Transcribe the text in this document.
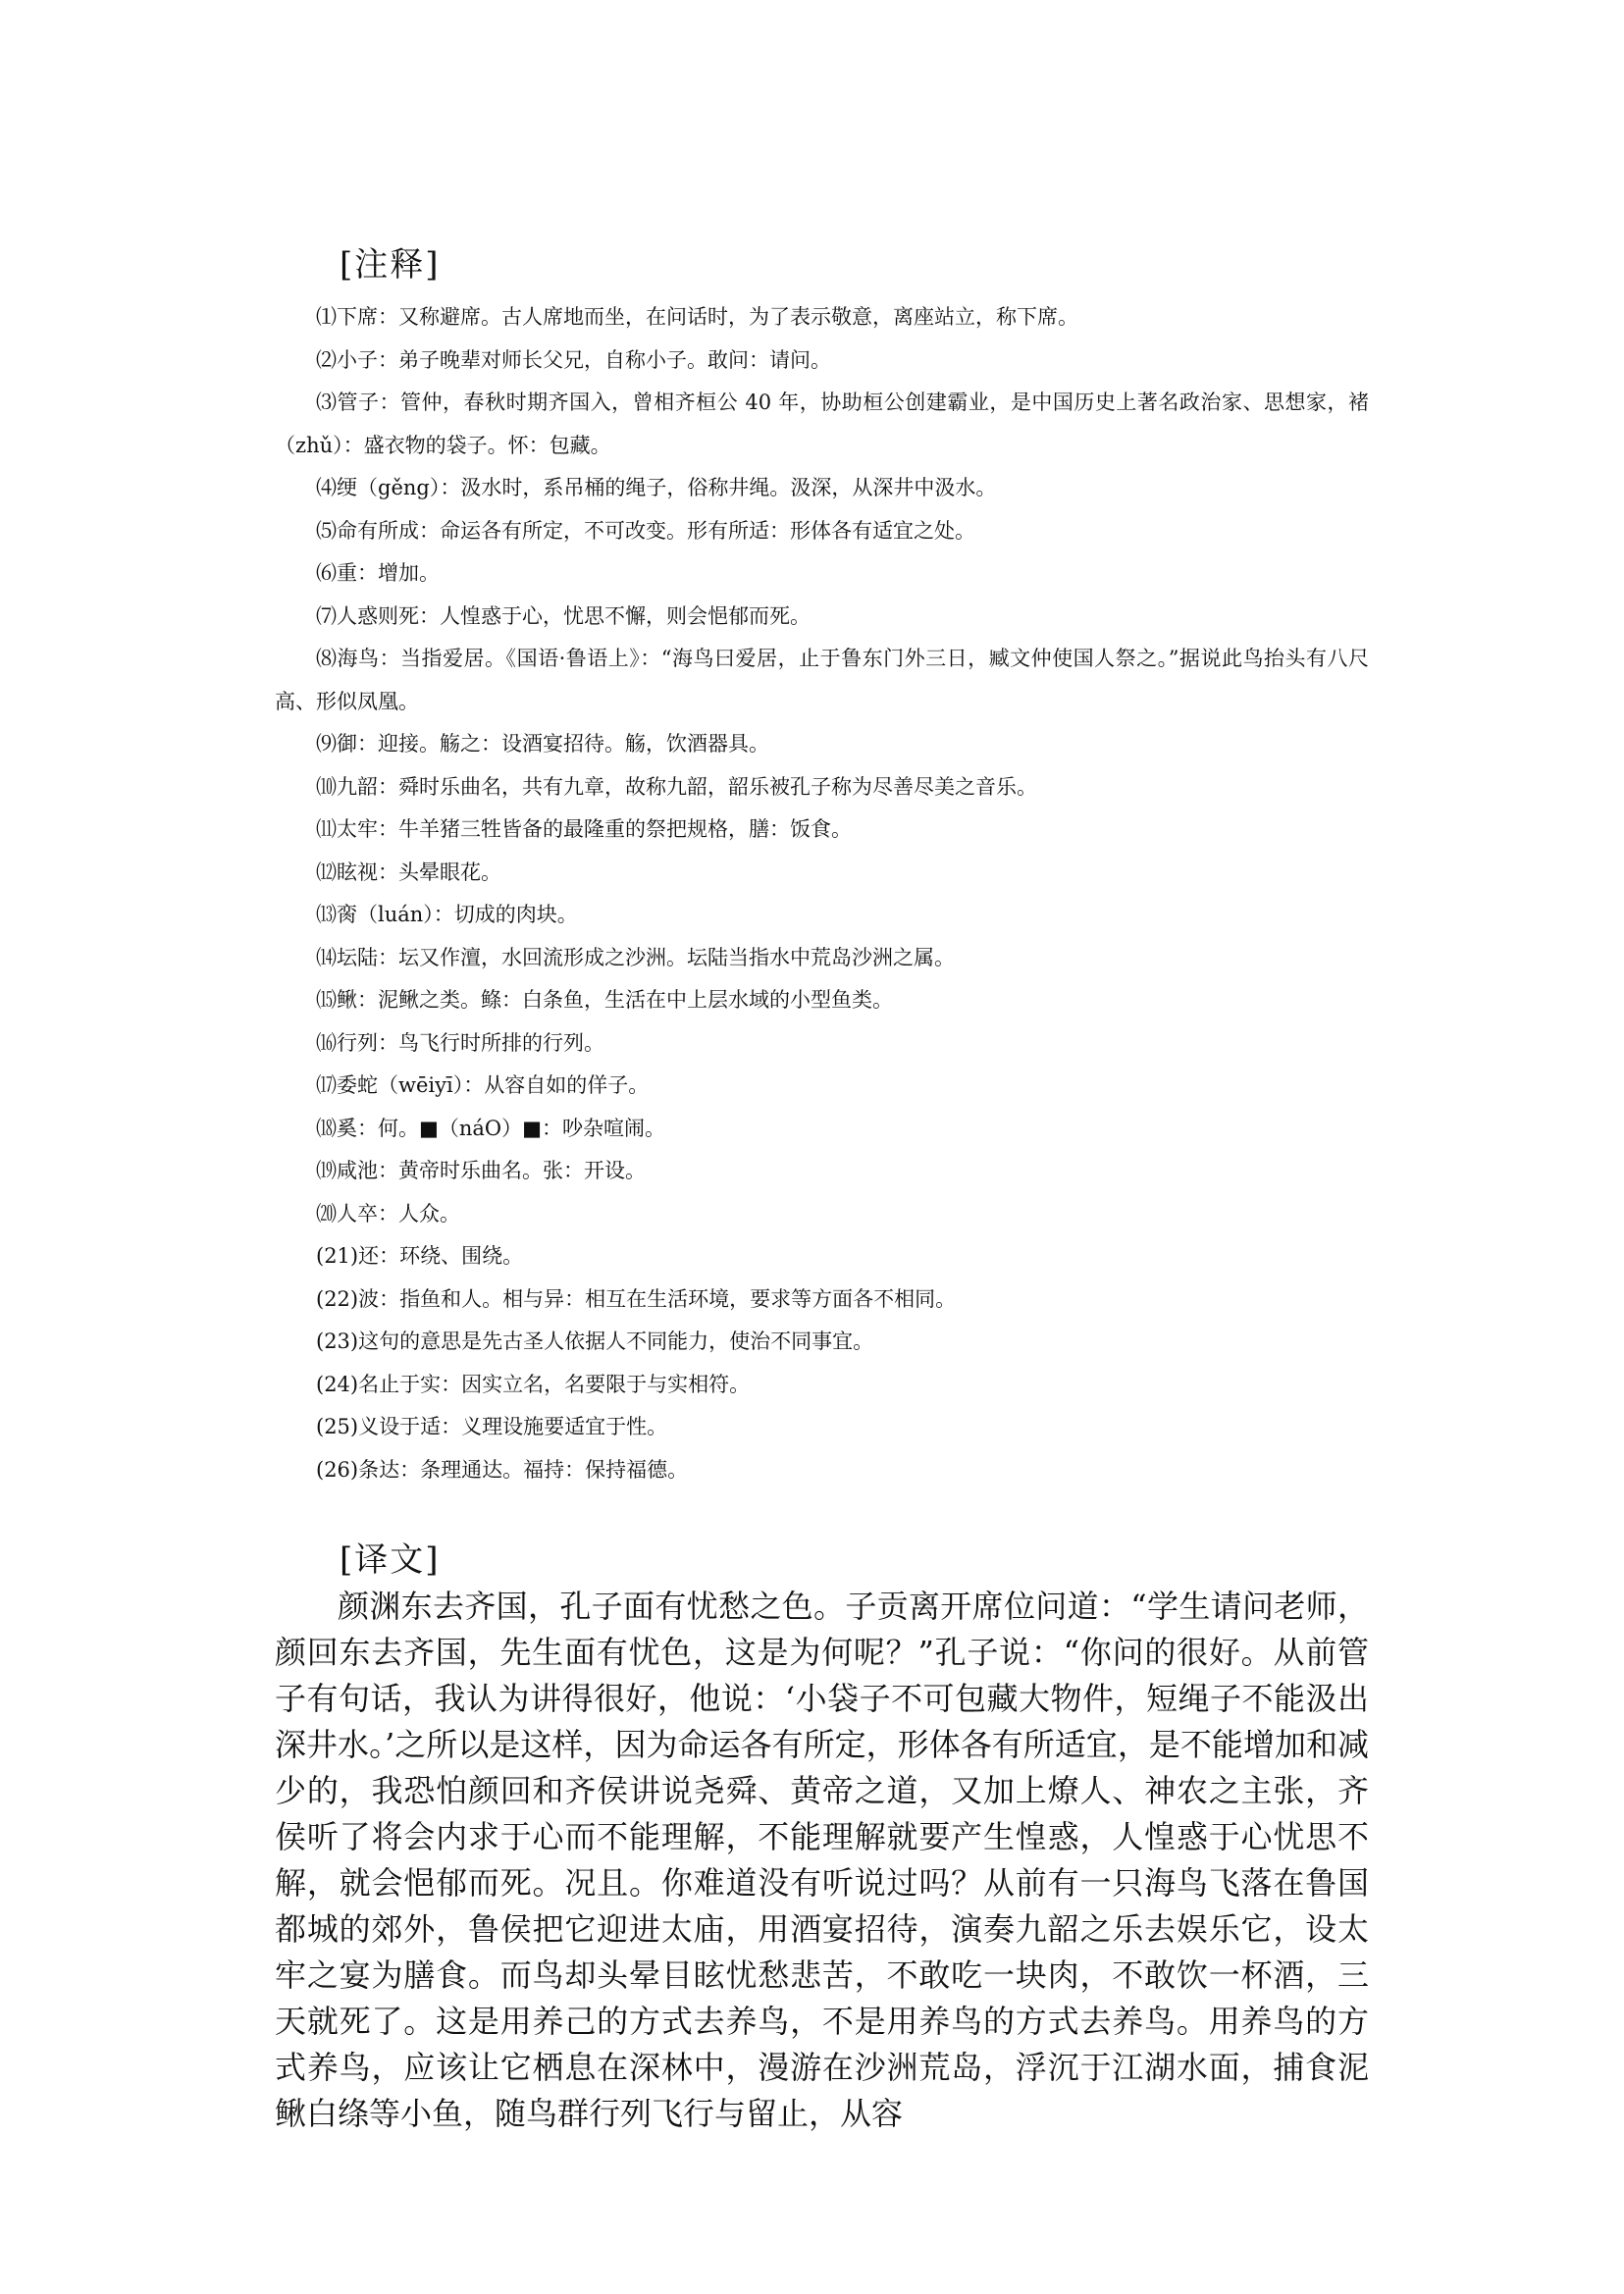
[注释]
⑴下席：又称避席。古人席地而坐，在问话时，为了表示敬意，离座站立，称下席。
⑵小子：弟子晚辈对师长父兄，自称小子。敢问：请问。
⑶管子：管仲，春秋时期齐国入，曾相齐桓公 40 年，协助桓公创建霸业，是中国历史上著名政治家、思想家，褚（zhǔ）：盛衣物的袋子。怀：包藏。
⑷绠（gěng）：汲水时，系吊桶的绳子，俗称井绳。汲深，从深井中汲水。
⑸命有所成：命运各有所定，不可改变。形有所适：形体各有适宜之处。
⑹重：增加。
⑺人惑则死：人惶惑于心，忧思不懈，则会悒郁而死。
⑻海鸟：当指爱居。《国语·鲁语上》：“海鸟曰爱居，止于鲁东门外三日，臧文仲使国人祭之。”据说此鸟抬头有八尺高、形似凤凰。
⑼御：迎接。觞之：设酒宴招待。觞，饮酒器具。
⑽九韶：舜时乐曲名，共有九章，故称九韶，韶乐被孔子称为尽善尽美之音乐。
⑾太牢：牛羊猪三牲皆备的最隆重的祭把规格，膳：饭食。
⑿眩视：头晕眼花。
⒀脔（luán）：切成的肉块。
⒁坛陆：坛又作澶，水回流形成之沙洲。坛陆当指水中荒岛沙洲之属。
⒂鳅：泥鳅之类。鲦：白条鱼，生活在中上层水域的小型鱼类。
⒃行列：鸟飞行时所排的行列。
⒄委蛇（wēiyī）：从容自如的佯子。
⒅奚：何。■（náO）■：吵杂喧闹。
⒆咸池：黄帝时乐曲名。张：开设。
⒇人卒：人众。
(21)还：环绕、围绕。
(22)波：指鱼和人。相与异：相互在生活环境，要求等方面各不相同。
(23)这句的意思是先古圣人依据人不同能力，使治不同事宜。
(24)名止于实：因实立名，名要限于与实相符。
(25)义设于适：义理设施要适宜于性。
(26)条达：条理通达。福持：保持福德。
[译文]

颜渊东去齐国，孔子面有忧愁之色。子贡离开席位问道：“学生请问老师，颜回东去齐国，先生面有忧色，这是为何呢？”孔子说：“你问的很好。从前管子有句话，我认为讲得很好，他说：‘小袋子不可包藏大物件，短绳子不能汲出深井水。’之所以是这样，因为命运各有所定，形体各有所适宜，是不能增加和减少的，我恐怕颜回和齐侯讲说尧舜、黄帝之道，又加上燎人、神农之主张，齐侯听了将会内求于心而不能理解，不能理解就要产生惶惑，人惶惑于心忧思不解，就会悒郁而死。况且。你难道没有听说过吗？从前有一只海鸟飞落在鲁国都城的郊外，鲁侯把它迎进太庙，用酒宴招待，演奏九韶之乐去娱乐它，设太牢之宴为膳食。而鸟却头晕目眩忧愁悲苦，不敢吃一块肉，不敢饮一杯酒，三天就死了。这是用养己的方式去养鸟，不是用养鸟的方式去养鸟。用养鸟的方式养鸟，应该让它栖息在深林中，漫游在沙洲荒岛，浮沉于江湖水面，捕食泥鳅白绦等小鱼，随鸟群行列飞行与留止，从容
